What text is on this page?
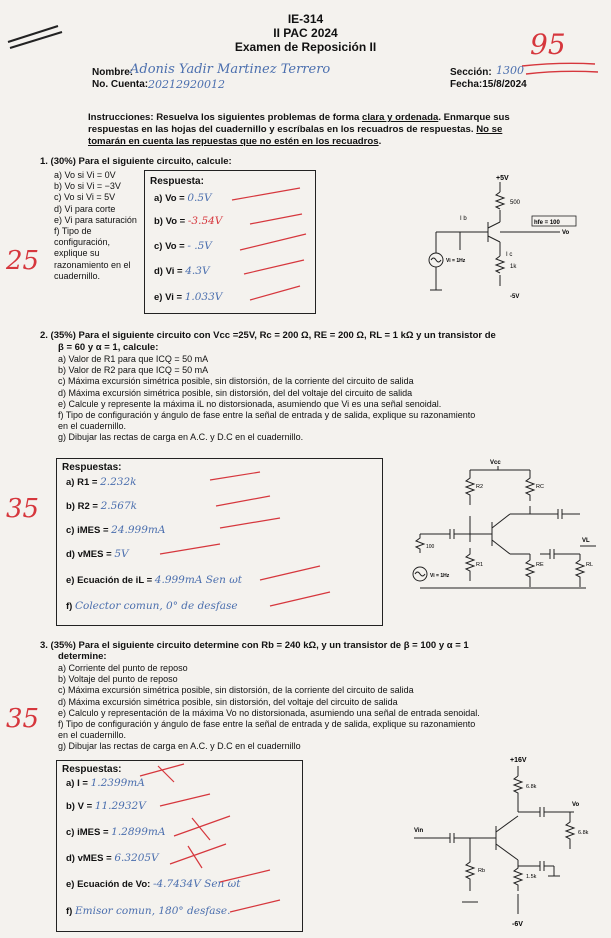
IE-314
II PAC 2024
Examen de Reposición II	95
Nombre:
Adonis Yadir Martinez Terrero
No. Cuenta: 20212920012
Sección: 1300
Fecha:15/8/2024
Instrucciones: Resuelva los siguientes problemas de forma clara y ordenada. Enmarque sus respuestas en las hojas del cuadernillo y escríbalas en los recuadros de respuestas. No se tomarán en cuenta las repuestas que no estén en los recuadros.
1. (30%) Para el siguiente circuito, calcule:
a) Vo si Vi = 0V
b) Vo si Vi = −3V
c) Vo si Vi = 5V
d) Vi para corte
e) Vi para saturación
f) Tipo de
configuración,
explique su
razonamiento en el
cuadernillo.
25
Respuesta:
a) Vo = 0.5V
b) Vo = -3.54V
c) Vo = - .5V
d) Vi = 4.3V
e) Vi = 1.033V
+5V
500
Vo
hfe = 100
I b
I c
Vi = 1Hz
1k
-5V
2. (35%) Para el siguiente circuito con Vcc =25V, Rc = 200 Ω, RE = 200 Ω, RL = 1 kΩ y un transistor de
β = 60 y α = 1, calcule:
a) Valor de R1 para que ICQ = 50 mA
b) Valor de R2 para que ICQ = 50 mA
c) Máxima excursión simétrica posible, sin distorsión, de la corriente del circuito de salida
d) Máxima excursión simétrica posible, sin distorsión, del del voltaje del circuito de salida
e) Calcule y represente la máxima iL no distorsionada, asumiendo que Vi es una señal senoidal.
f) Tipo de configuración y ángulo de fase entre la señal de entrada y de salida, explique su razonamiento
en el cuadernillo.
g) Dibujar las rectas de carga en A.C. y D.C en el cuadernillo.
Respuestas:
35
a) R1 = 2.232k
b) R2 = 2.567k
c) iMES = 24.999mA
d) vMES = 5V
e) Ecuación de iL = 4.999mA Sen ωt
f) Colector comun, 0° de desfase
Vcc
R2	RC
100
Vi = 1Hz
R1	RE	RL
VL
3. (35%) Para el siguiente circuito determine con Rb = 240 kΩ, y un transistor de β = 100 y α = 1
determine:
a) Corriente del punto de reposo
b) Voltaje del punto de reposo
c) Máxima excursión simétrica posible, sin distorsión, de la corriente del circuito de salida
d) Máxima excursión simétrica posible, sin distorsión, del voltaje del circuito de salida
e) Calculo y representación de la máxima Vo no distorsionada, asumiendo una señal de entrada senoidal.
f) Tipo de configuración y ángulo de fase entre la señal de entrada y de salida, explique su razonamiento
en el cuadernillo.
g) Dibujar las rectas de carga en A.C. y D.C en el cuadernillo
35
Respuestas:
a) I = 1.2399mA
b) V = 11.2932V
c) iMES = 1.2899mA
d) vMES = 6.3205V
e) Ecuación de Vo: -4.7434V Sen ωt
f) Emisor comun, 180° desfase.
+16V
6.8k
Vo
6.8k
Vin
Rb
1.5k
-6V
